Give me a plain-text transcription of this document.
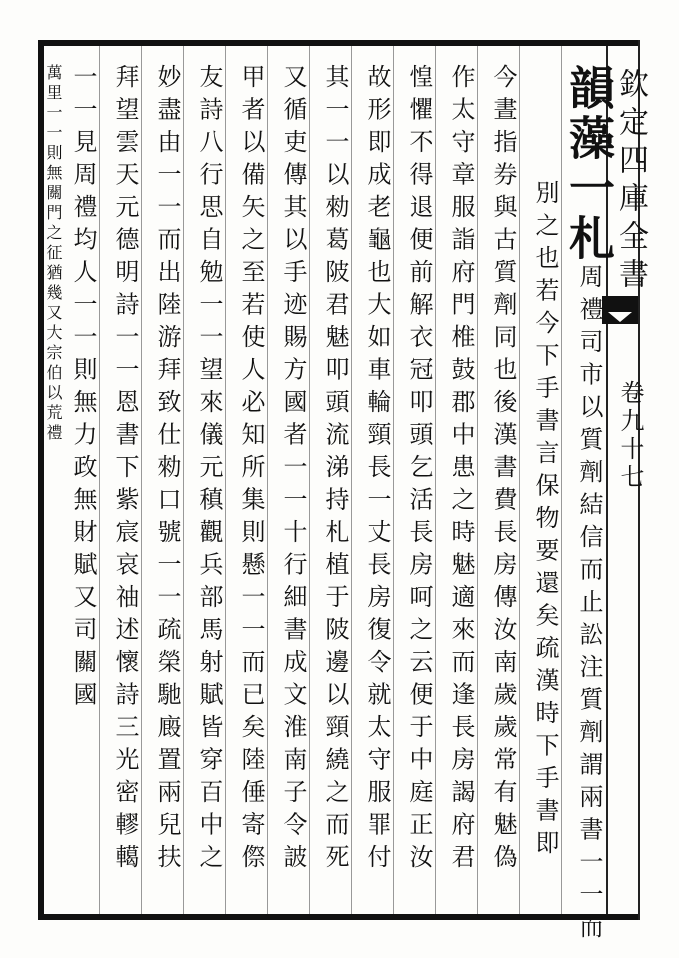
欽定四庫全書
卷九十七
韻藻一札周禮司市以質劑結信而止訟注質劑謂兩書一一而
別之也若今下手書言保物要還矣疏漢時下手書即
今晝指券與古質劑同也後漢書費長房傳汝南歲歲常有魅偽
作太守章服詣府門椎鼓郡中患之時魅適來而逢長房謁府君
惶懼不得退便前解衣冠叩頭乞活長房呵之云便于中庭正汝
故形即成老龜也大如車輪頸長一丈長房復令就太守服罪付
其一一以勑葛陂君魅叩頭流涕持札植于陂邊以頸繞之而死
又循吏傳其以手迹賜方國者一一十行細書成文淮南子令詖
甲者以備矢之至若使人必知所集則懸一一而已矣陸倕寄傺
友詩八行思自勉一一望來儀元稹觀兵部馬射賦皆穿百中之
妙盡由一一而出陸游拜致仕勑口號一一疏榮馳廄置兩兒扶
拜望雲天元德明詩一一恩書下紫宸哀䄂述懷詩三光密轇轕
一一見周禮均人一一則無力政無財賦又司關國
萬里一一則無關門之征猶幾又大宗伯以荒禮
